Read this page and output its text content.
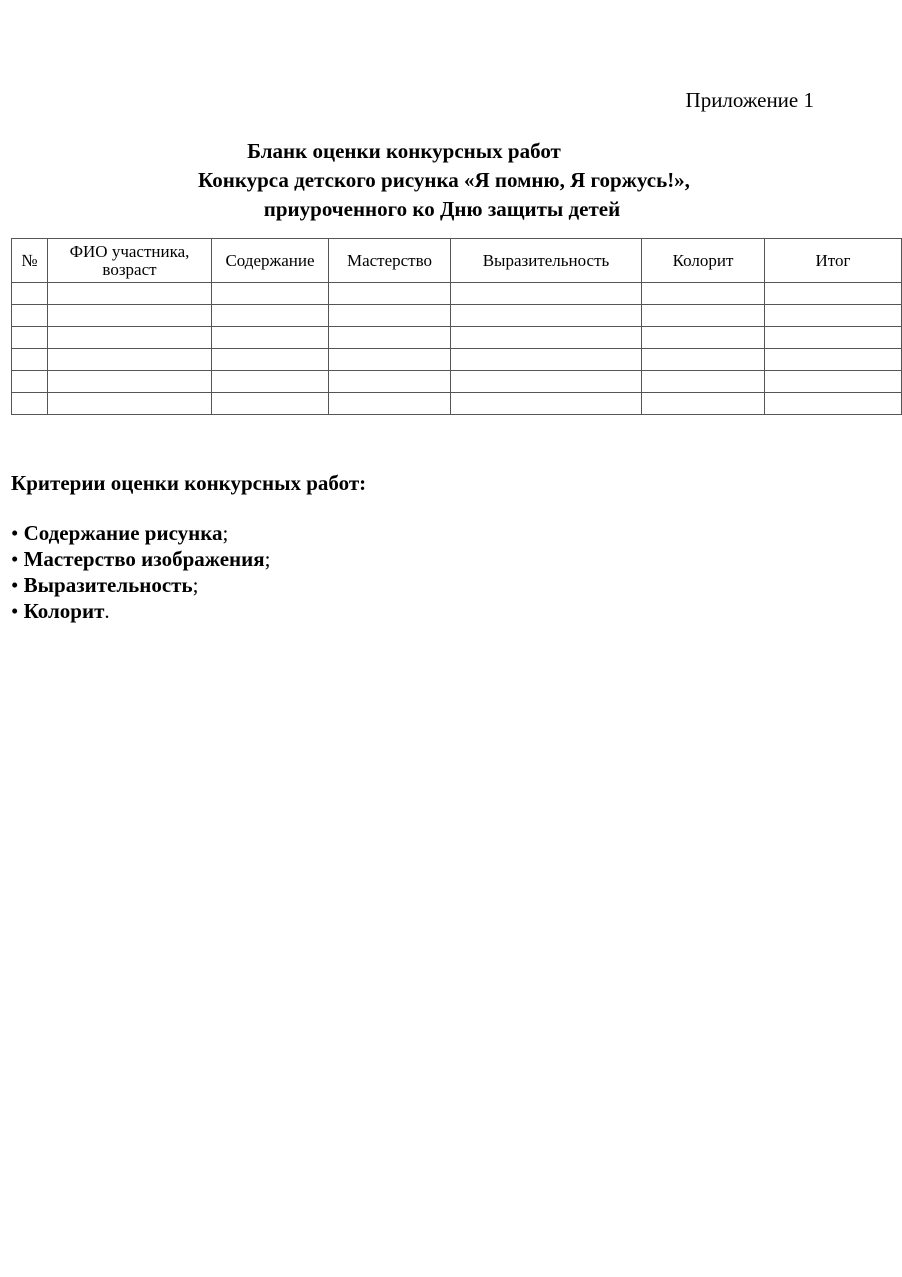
Приложение 1
Бланк оценки конкурсных работ
Конкурса детского рисунка «Я помню, Я горжусь!»,
приуроченного ко Дню защиты детей
№	ФИО участника, возраст	Содержание	Мастерство	Выразительность	Колорит	Итог

Критерии оценки конкурсных работ:
• Содержание рисунка;
• Мастерство изображения;
• Выразительность;
• Колорит.
